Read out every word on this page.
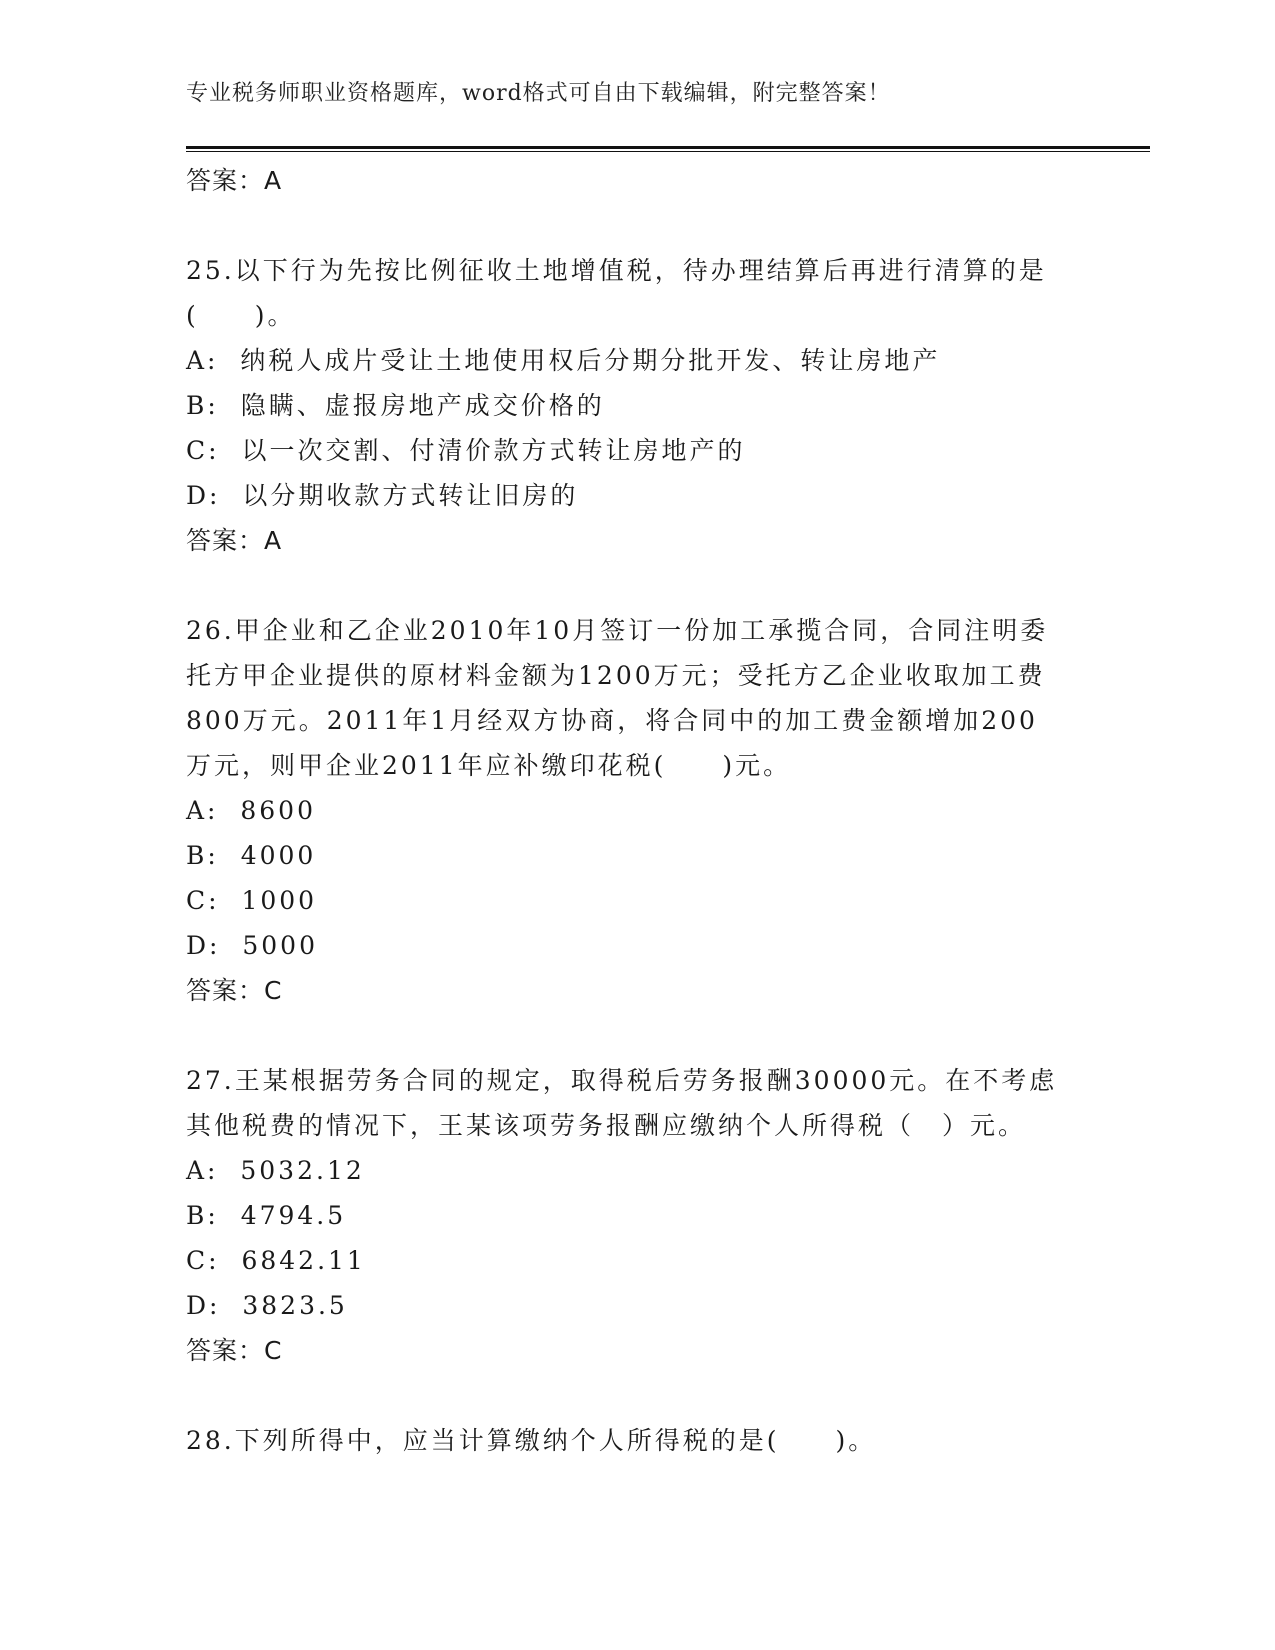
专业税务师职业资格题库，word格式可自由下载编辑，附完整答案！
答案：A
25.以下行为先按比例征收土地增值税，待办理结算后再进行清算的是
(　　)。
A:  纳税人成片受让土地使用权后分期分批开发、转让房地产
B:  隐瞒、虚报房地产成交价格的
C:  以一次交割、付清价款方式转让房地产的
D:  以分期收款方式转让旧房的
答案：A
26.甲企业和乙企业2010年10月签订一份加工承揽合同，合同注明委
托方甲企业提供的原材料金额为1200万元；受托方乙企业收取加工费
800万元。2011年1月经双方协商，将合同中的加工费金额增加200
万元，则甲企业2011年应补缴印花税(　　)元。
A:  8600
B:  4000
C:  1000
D:  5000
答案：C
27.王某根据劳务合同的规定，取得税后劳务报酬30000元。在不考虑
其他税费的情况下，王某该项劳务报酬应缴纳个人所得税（　）元。
A:  5032.12
B:  4794.5
C:  6842.11
D:  3823.5
答案：C
28.下列所得中，应当计算缴纳个人所得税的是(　　)。
